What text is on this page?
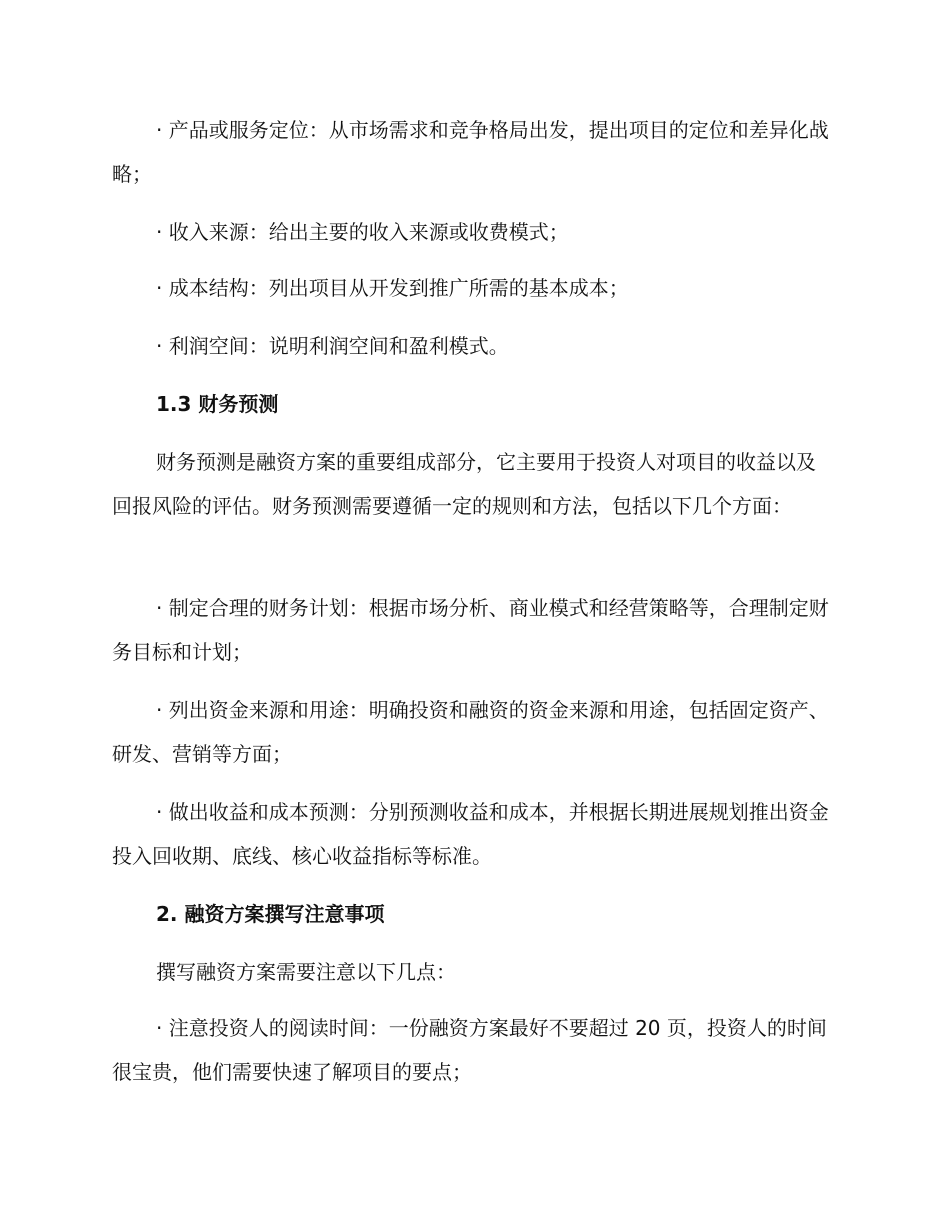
· 产品或服务定位：从市场需求和竞争格局出发，提出项目的定位和差异化战略；

· 收入来源：给出主要的收入来源或收费模式；

· 成本结构：列出项目从开发到推广所需的基本成本；

· 利润空间：说明利润空间和盈利模式。

1.3 财务预测

财务预测是融资方案的重要组成部分，它主要用于投资人对项目的收益以及回报风险的评估。财务预测需要遵循一定的规则和方法，包括以下几个方面：

· 制定合理的财务计划：根据市场分析、商业模式和经营策略等，合理制定财务目标和计划；

· 列出资金来源和用途：明确投资和融资的资金来源和用途，包括固定资产、研发、营销等方面；

· 做出收益和成本预测：分别预测收益和成本，并根据长期进展规划推出资金投入回收期、底线、核心收益指标等标准。

2. 融资方案撰写注意事项

撰写融资方案需要注意以下几点：

· 注意投资人的阅读时间：一份融资方案最好不要超过 20 页，投资人的时间很宝贵，他们需要快速了解项目的要点；
